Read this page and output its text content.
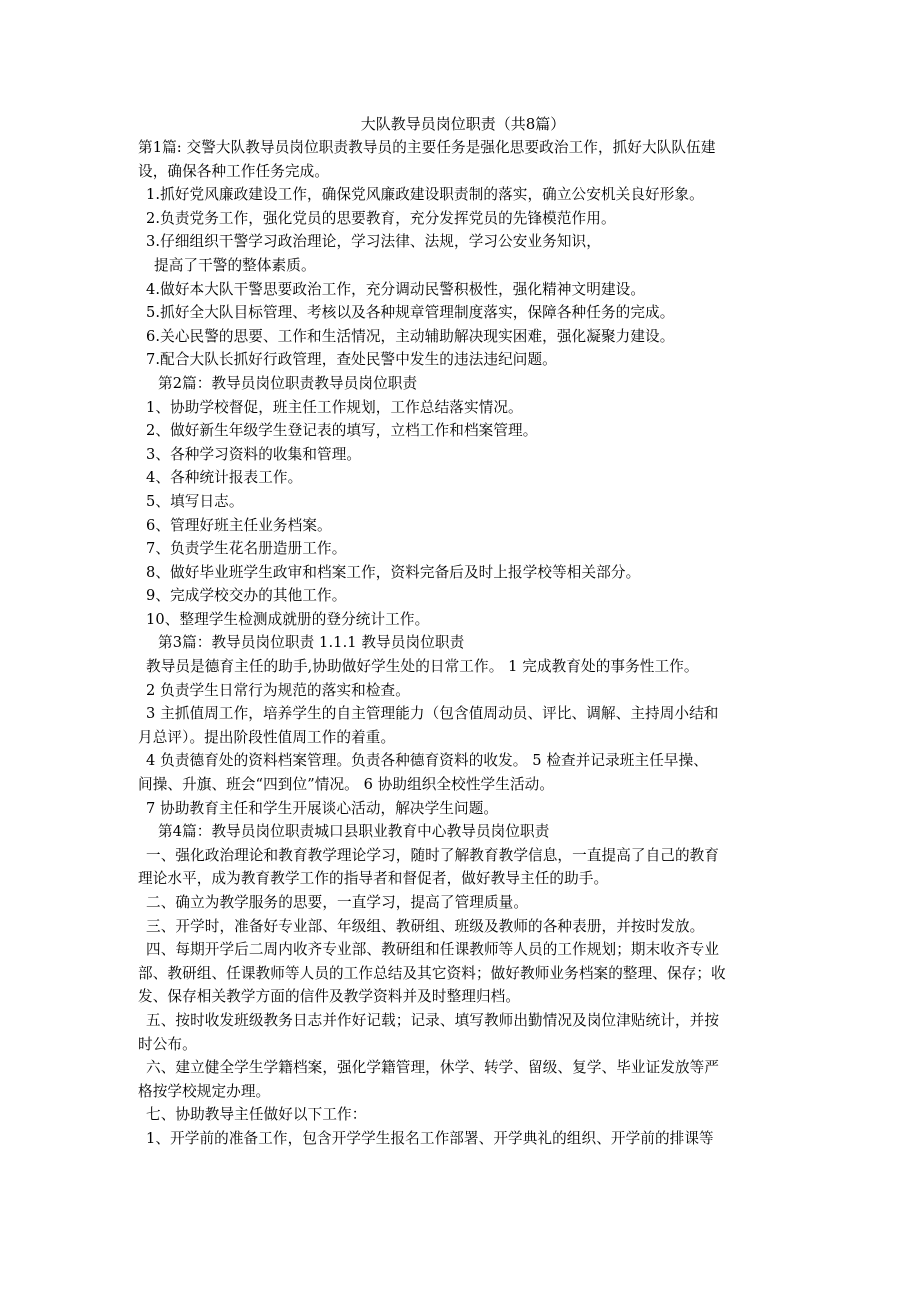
大队教导员岗位职责（共8篇）

第1篇: 交警大队教导员岗位职责教导员的主要任务是强化思要政治工作，抓好大队队伍建

设，确保各种工作任务完成。

1.抓好党风廉政建设工作，确保党风廉政建设职责制的落实，确立公安机关良好形象。

2.负责党务工作，强化党员的思要教育，充分发挥党员的先锋模范作用。

3.仔细组织干警学习政治理论，学习法律、法规，学习公安业务知识，

提高了干警的整体素质。

4.做好本大队干警思要政治工作，充分调动民警积极性，强化精神文明建设。

5.抓好全大队目标管理、考核以及各种规章管理制度落实，保障各种任务的完成。

6.关心民警的思要、工作和生活情况，主动辅助解决现实困难，强化凝聚力建设。

7.配合大队长抓好行政管理，查处民警中发生的违法违纪问题。

第2篇：教导员岗位职责教导员岗位职责

1、协助学校督促，班主任工作规划，工作总结落实情况。

2、做好新生年级学生登记表的填写，立档工作和档案管理。

3、各种学习资料的收集和管理。

4、各种统计报表工作。

5、填写日志。

6、管理好班主任业务档案。

7、负责学生花名册造册工作。

8、做好毕业班学生政审和档案工作，资料完备后及时上报学校等相关部分。

9、完成学校交办的其他工作。

10、整理学生检测成就册的登分统计工作。

第3篇：教导员岗位职责 1.1.1 教导员岗位职责

教导员是德育主任的助手,协助做好学生处的日常工作。 1 完成教育处的事务性工作。

2 负责学生日常行为规范的落实和检查。

3 主抓值周工作，培养学生的自主管理能力（包含值周动员、评比、调解、主持周小结和

月总评）。提出阶段性值周工作的着重。

4 负责德育处的资料档案管理。负责各种德育资料的收发。 5 检查并记录班主任早操、

间操、升旗、班会“四到位”情况。 6 协助组织全校性学生活动。

7 协助教育主任和学生开展谈心活动，解决学生问题。

第4篇：教导员岗位职责城口县职业教育中心教导员岗位职责

一、强化政治理论和教育教学理论学习，随时了解教育教学信息，一直提高了自己的教育

理论水平，成为教育教学工作的指导者和督促者，做好教导主任的助手。

二、确立为教学服务的思要，一直学习，提高了管理质量。

三、开学时，准备好专业部、年级组、教研组、班级及教师的各种表册，并按时发放。

四、每期开学后二周内收齐专业部、教研组和任课教师等人员的工作规划；期末收齐专业

部、教研组、任课教师等人员的工作总结及其它资料；做好教师业务档案的整理、保存；收

发、保存相关教学方面的信件及教学资料并及时整理归档。

五、按时收发班级教务日志并作好记载；记录、填写教师出勤情况及岗位津贴统计，并按

时公布。

六、建立健全学生学籍档案，强化学籍管理，休学、转学、留级、复学、毕业证发放等严

格按学校规定办理。

七、协助教导主任做好以下工作：

1、开学前的准备工作，包含开学学生报名工作部署、开学典礼的组织、开学前的排课等
